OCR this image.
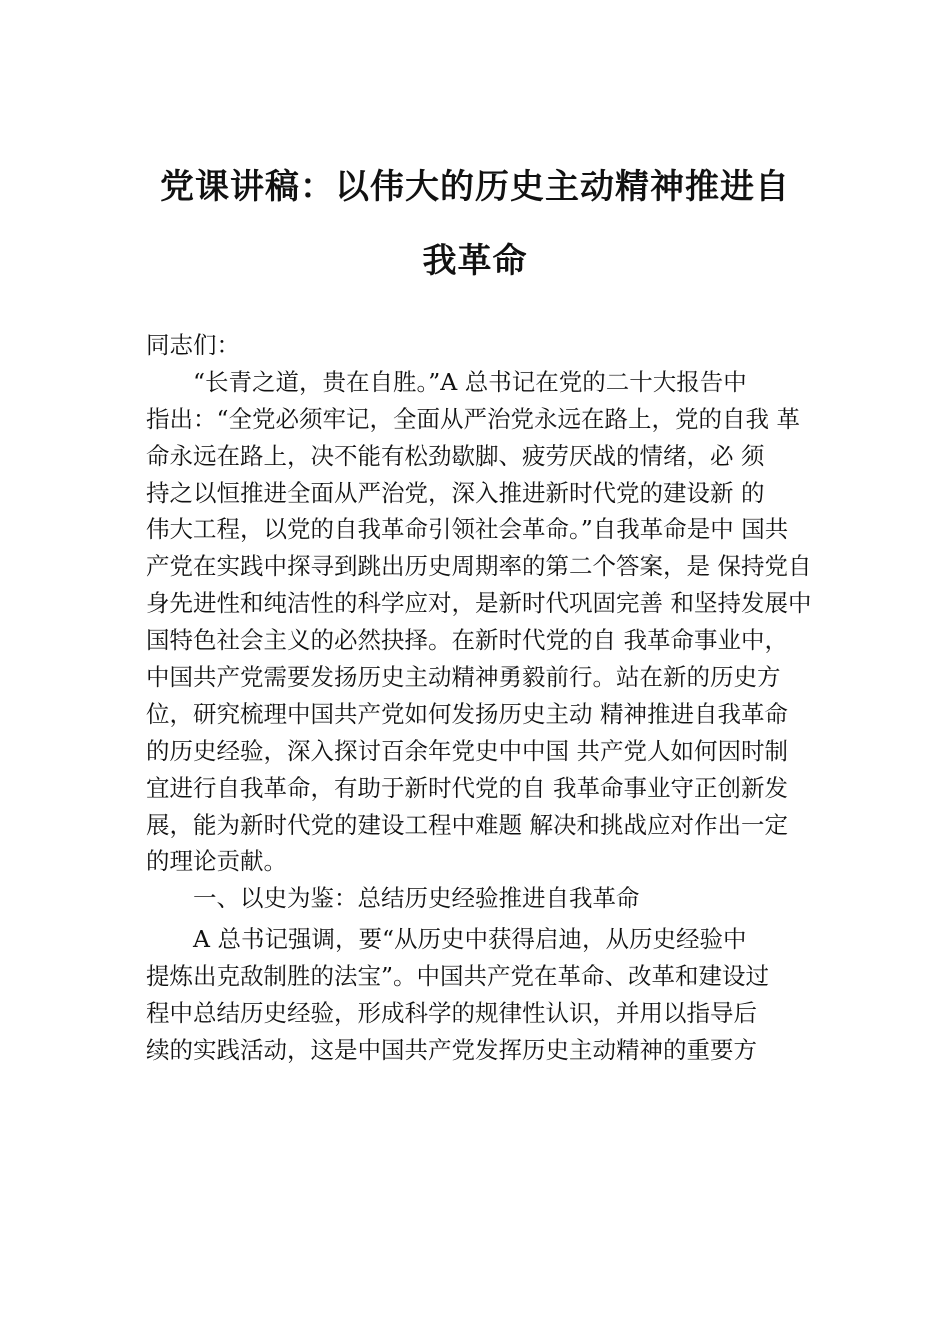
党课讲稿：以伟大的历史主动精神推进自
我革命
同志们：
“长青之道，贵在自胜。”A 总书记在党的二十大报告中
指出：“全党必须牢记，全面从严治党永远在路上，党的自我 革
命永远在路上，决不能有松劲歇脚、疲劳厌战的情绪，必 须
持之以恒推进全面从严治党，深入推进新时代党的建设新 的
伟大工程，以党的自我革命引领社会革命。”自我革命是中 国共
产党在实践中探寻到跳出历史周期率的第二个答案，是 保持党自
身先进性和纯洁性的科学应对，是新时代巩固完善 和坚持发展中
国特色社会主义的必然抉择。在新时代党的自 我革命事业中，
中国共产党需要发扬历史主动精神勇毅前行。站在新的历史方
位，研究梳理中国共产党如何发扬历史主动 精神推进自我革命
的历史经验，深入探讨百余年党史中中国 共产党人如何因时制
宜进行自我革命，有助于新时代党的自 我革命事业守正创新发
展，能为新时代党的建设工程中难题 解决和挑战应对作出一定
的理论贡献。
一、以史为鉴：总结历史经验推进自我革命
A 总书记强调，要“从历史中获得启迪，从历史经验中
提炼出克敌制胜的法宝”。中国共产党在革命、改革和建设过
程中总结历史经验，形成科学的规律性认识，并用以指导后
续的实践活动，这是中国共产党发挥历史主动精神的重要方
